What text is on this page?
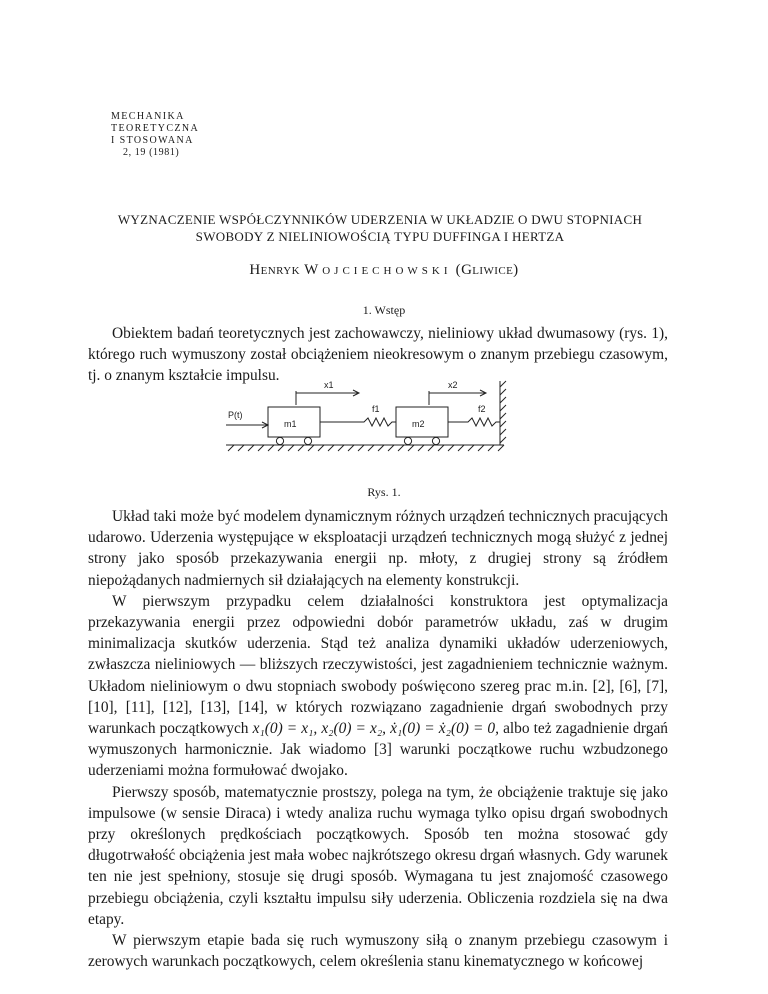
MECHANIKA
TEORETYCZNA
I STOSOWANA
2, 19 (1981)
WYZNACZENIE WSPÓŁCZYNNIKÓW UDERZENIA W UKŁADZIE O DWU STOPNIACH
SWOBODY Z NIELINIOWOŚCIĄ TYPU DUFFINGA I HERTZA
Henryk Wojciechowski (Gliwice)
1. Wstęp

Obiektem badań teoretycznych jest zachowawczy, nieliniowy układ dwumasowy (rys. 1), którego ruch wymuszony został obciążeniem nieokresowym o znanym przebiegu czasowym, tj. o znanym kształcie impulsu.

x1	x2
P(t)
m1	m2
f1	f2
Rys. 1.

Układ taki może być modelem dynamicznym różnych urządzeń technicznych pracujących udarowo. Uderzenia występujące w eksploatacji urządzeń technicznych mogą służyć z jednej strony jako sposób przekazywania energii np. młoty, z drugiej strony są źródłem niepożądanych nadmiernych sił działających na elementy konstrukcji.

W pierwszym przypadku celem działalności konstruktora jest optymalizacja przekazywania energii przez odpowiedni dobór parametrów układu, zaś w drugim minimalizacja skutków uderzenia. Stąd też analiza dynamiki układów uderzeniowych, zwłaszcza nieliniowych — bliższych rzeczywistości, jest zagadnieniem technicznie ważnym. Układom nieliniowym o dwu stopniach swobody poświęcono szereg prac m.in. [2], [6], [7], [10], [11], [12], [13], [14], w których rozwiązano zagadnienie drgań swobodnych przy warunkach początkowych x₁(0) = x₁, x₂(0) = x₂, ẋ₁(0) = ẋ₂(0) = 0, albo też zagadnienie drgań wymuszonych harmonicznie. Jak wiadomo [3] warunki początkowe ruchu wzbudzonego uderzeniami można formułować dwojako.

Pierwszy sposób, matematycznie prostszy, polega na tym, że obciążenie traktuje się jako impulsowe (w sensie Diraca) i wtedy analiza ruchu wymaga tylko opisu drgań swobodnych przy określonych prędkościach początkowych. Sposób ten można stosować gdy długotrwałość obciążenia jest mała wobec najkrótszego okresu drgań własnych. Gdy warunek ten nie jest spełniony, stosuje się drugi sposób. Wymagana tu jest znajomość czasowego przebiegu obciążenia, czyli kształtu impulsu siły uderzenia. Obliczenia rozdziela się na dwa etapy.

W pierwszym etapie bada się ruch wymuszony siłą o znanym przebiegu czasowym i zerowych warunkach początkowych, celem określenia stanu kinematycznego w końcowej
